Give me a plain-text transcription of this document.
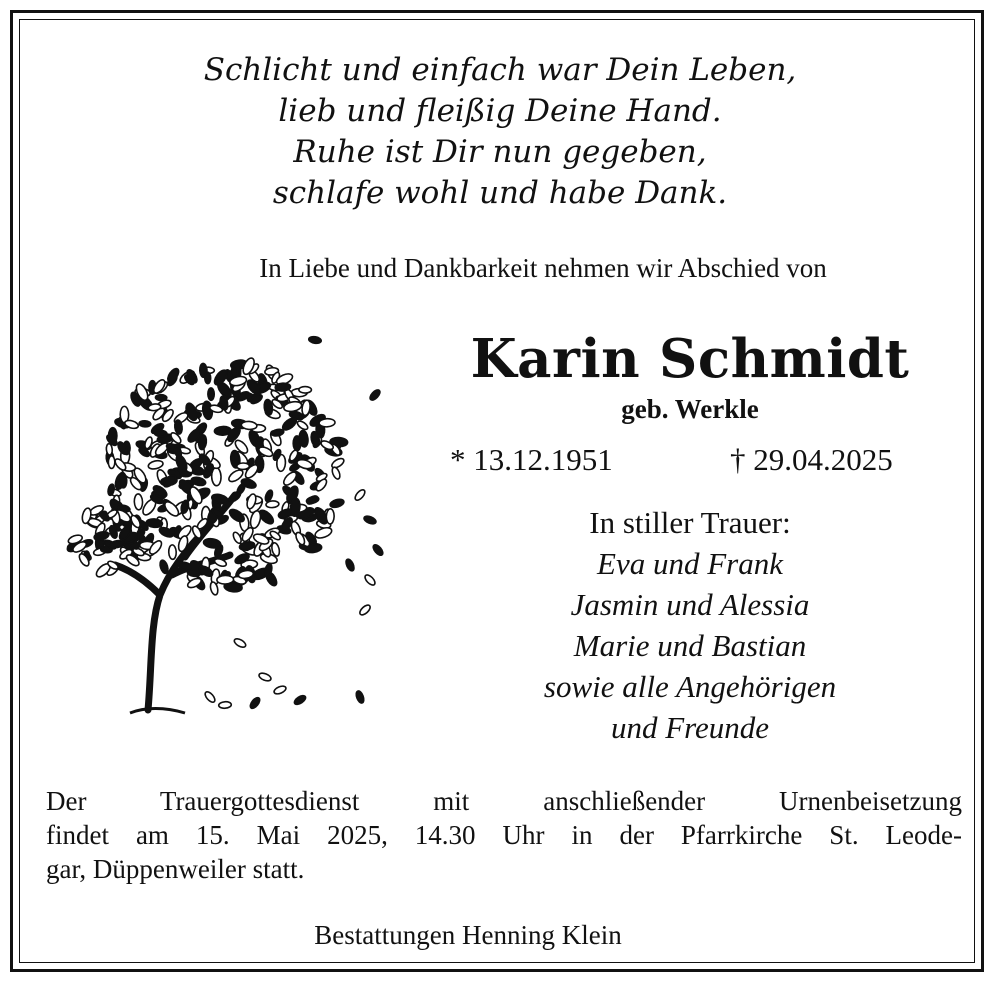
Schlicht und einfach war Dein Leben,
lieb und fleißig Deine Hand.
Ruhe ist Dir nun gegeben,
schlafe wohl und habe Dank.
In Liebe und Dankbarkeit nehmen wir Abschied von
Karin Schmidt
geb. Werkle
* 13.12.1951	† 29.04.2025
In stiller Trauer:
Eva und Frank
Jasmin und Alessia
Marie und Bastian
sowie alle Angehörigen
und Freunde
Der Trauergottesdienst mit anschließender Urnenbeisetzung
findet am 15. Mai 2025, 14.30 Uhr in der Pfarrkirche St. Leode-
gar, Düppenweiler statt.
Bestattungen Henning Klein
